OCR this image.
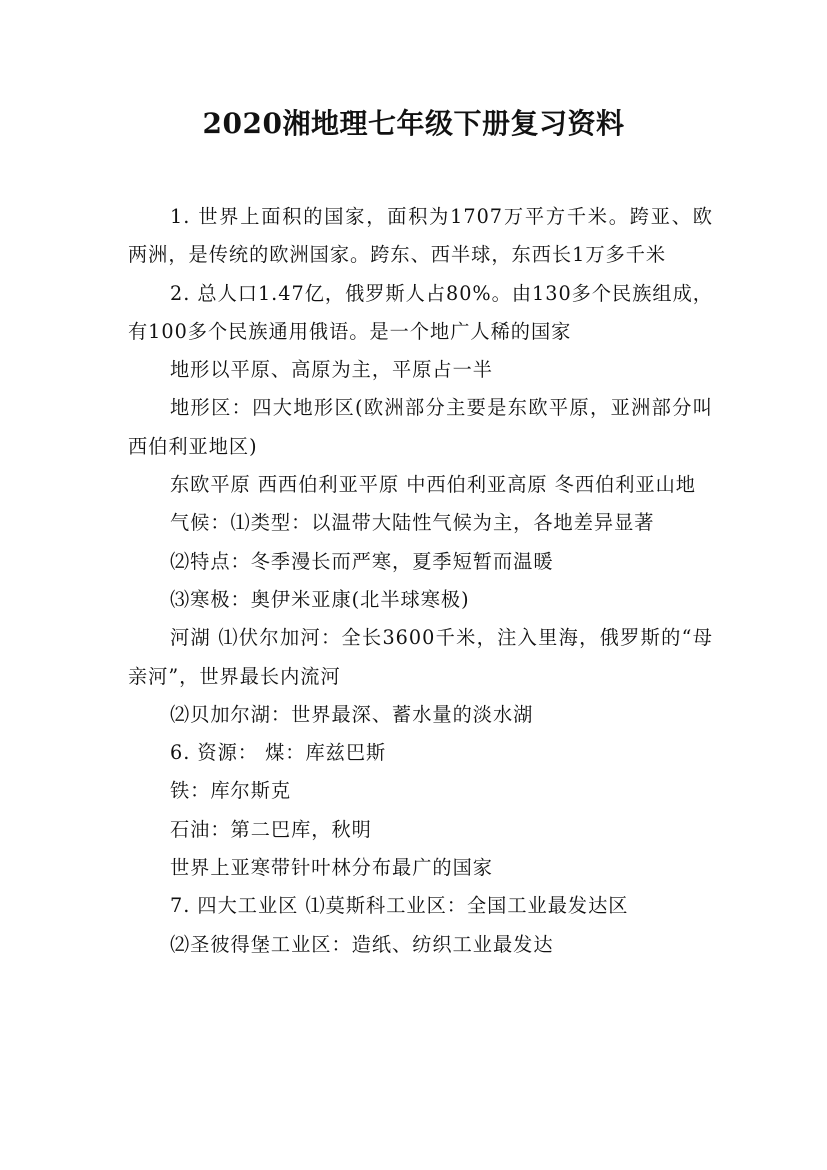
2020湘地理七年级下册复习资料

1. 世界上面积的国家，面积为1707万平方千米。跨亚、欧两洲，是传统的欧洲国家。跨东、西半球，东西长1万多千米

2. 总人口1.47亿，俄罗斯人占80%。由130多个民族组成，有100多个民族通用俄语。是一个地广人稀的国家

地形以平原、高原为主，平原占一半

地形区：四大地形区(欧洲部分主要是东欧平原，亚洲部分叫西伯利亚地区)

东欧平原 西西伯利亚平原 中西伯利亚高原 冬西伯利亚山地

气候：⑴类型：以温带大陆性气候为主，各地差异显著

⑵特点：冬季漫长而严寒，夏季短暂而温暖

⑶寒极：奥伊米亚康(北半球寒极)

河湖 ⑴伏尔加河：全长3600千米，注入里海，俄罗斯的“母亲河”，世界最长内流河

⑵贝加尔湖：世界最深、蓄水量的淡水湖

6. 资源： 煤：库兹巴斯

铁：库尔斯克

石油：第二巴库，秋明

世界上亚寒带针叶林分布最广的国家

7. 四大工业区 ⑴莫斯科工业区：全国工业最发达区

⑵圣彼得堡工业区：造纸、纺织工业最发达
